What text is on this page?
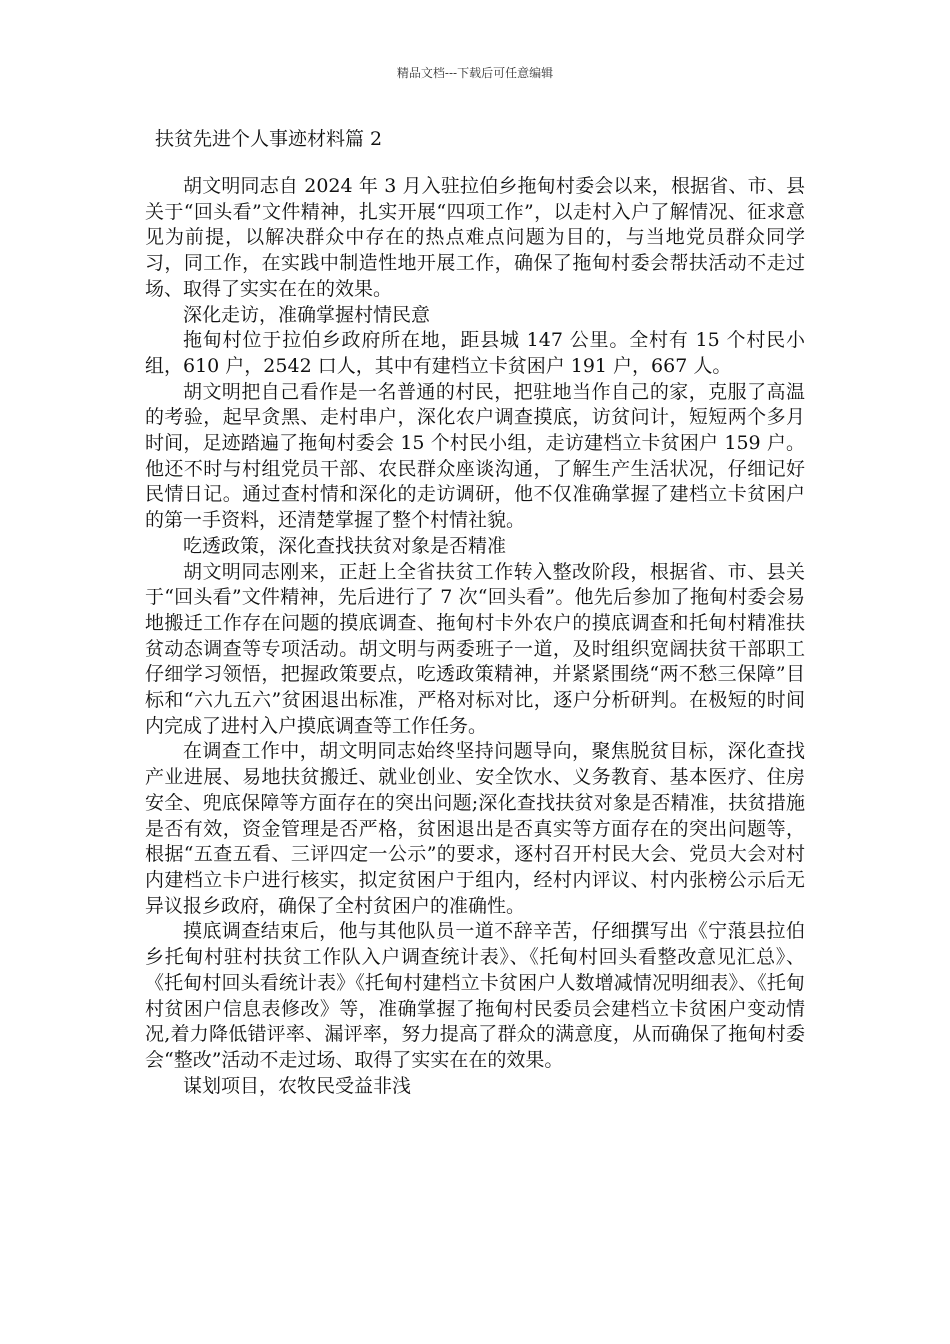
精品文档---下载后可任意编辑
扶贫先进个人事迹材料篇 2

胡文明同志自 2024 年 3 月入驻拉伯乡拖甸村委会以来，根据省、市、县关于“回头看”文件精神，扎实开展“四项工作”，以走村入户了解情况、征求意见为前提，以解决群众中存在的热点难点问题为目的，与当地党员群众同学习，同工作，在实践中制造性地开展工作，确保了拖甸村委会帮扶活动不走过场、取得了实实在在的效果。

深化走访，准确掌握村情民意

拖甸村位于拉伯乡政府所在地，距县城 147 公里。全村有 15 个村民小组，610 户，2542 口人，其中有建档立卡贫困户 191 户，667 人。

胡文明把自己看作是一名普通的村民，把驻地当作自己的家，克服了高温的考验，起早贪黑、走村串户，深化农户调查摸底，访贫问计，短短两个多月时间，足迹踏遍了拖甸村委会 15 个村民小组，走访建档立卡贫困户 159 户。他还不时与村组党员干部、农民群众座谈沟通，了解生产生活状况，仔细记好民情日记。通过查村情和深化的走访调研，他不仅准确掌握了建档立卡贫困户的第一手资料，还清楚掌握了整个村情社貌。

吃透政策，深化查找扶贫对象是否精准

胡文明同志刚来，正赶上全省扶贫工作转入整改阶段，根据省、市、县关于“回头看”文件精神，先后进行了 7 次“回头看”。他先后参加了拖甸村委会易地搬迁工作存在问题的摸底调查、拖甸村卡外农户的摸底调查和托甸村精准扶贫动态调查等专项活动。胡文明与两委班子一道，及时组织宽阔扶贫干部职工仔细学习领悟，把握政策要点，吃透政策精神，并紧紧围绕“两不愁三保障”目标和“六九五六”贫困退出标准，严格对标对比，逐户分析研判。在极短的时间内完成了进村入户摸底调查等工作任务。

在调查工作中，胡文明同志始终坚持问题导向，聚焦脱贫目标，深化查找产业进展、易地扶贫搬迁、就业创业、安全饮水、义务教育、基本医疗、住房安全、兜底保障等方面存在的突出问题;深化查找扶贫对象是否精准，扶贫措施是否有效，资金管理是否严格，贫困退出是否真实等方面存在的突出问题等，根据“五查五看、三评四定一公示”的要求，逐村召开村民大会、党员大会对村内建档立卡户进行核实，拟定贫困户于组内，经村内评议、村内张榜公示后无异议报乡政府，确保了全村贫困户的准确性。

摸底调查结束后，他与其他队员一道不辞辛苦，仔细撰写出《宁蒗县拉伯乡托甸村驻村扶贫工作队入户调查统计表》、《托甸村回头看整改意见汇总》、《托甸村回头看统计表》《托甸村建档立卡贫困户人数增减情况明细表》、《托甸村贫困户信息表修改》等，准确掌握了拖甸村民委员会建档立卡贫困户变动情况,着力降低错评率、漏评率，努力提高了群众的满意度，从而确保了拖甸村委会“整改”活动不走过场、取得了实实在在的效果。

谋划项目，农牧民受益非浅
